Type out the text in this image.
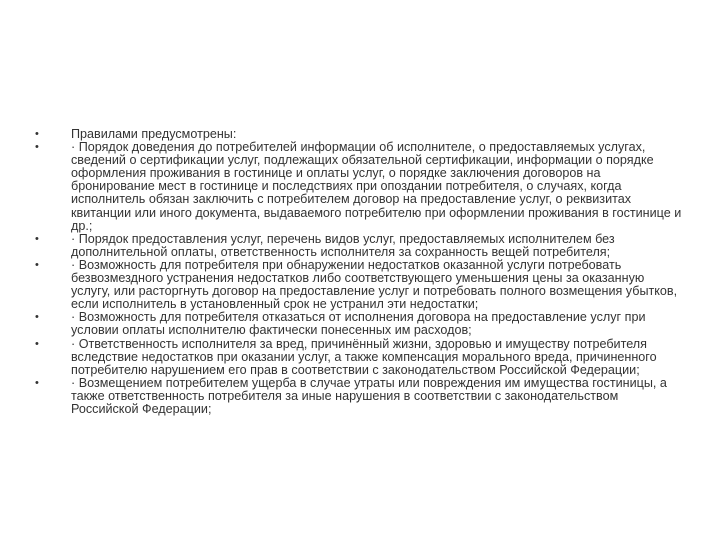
•	Правилами предусмотрены:
•	· Порядок доведения до потребителей информации об исполнителе, о предоставляемых услугах, сведений о сертификации услуг, подлежащих обязательной сертификации, информации о порядке оформления проживания в гостинице и оплаты услуг, о порядке заключения договоров на бронирование мест в гостинице и последствиях при опоздании потребителя, о случаях, когда исполнитель обязан заключить с потребителем договор на предоставление услуг, о реквизитах квитанции или иного документа, выдаваемого потребителю при оформлении проживания в гостинице и др.;
•	· Порядок предоставления услуг, перечень видов услуг, предоставляемых исполнителем без дополнительной оплаты, ответственность исполнителя за сохранность вещей потребителя;
•	· Возможность для потребителя при обнаружении недостатков оказанной услуги потребовать безвозмездного устранения недостатков либо соответствующего уменьшения цены за оказанную услугу, или расторгнуть договор на предоставление услуг и потребовать полного возмещения убытков, если исполнитель в установленный срок не устранил эти недостатки;
•	· Возможность для потребителя отказаться от исполнения договора на предоставление услуг при условии оплаты исполнителю фактически понесенных им расходов;
•	· Ответственность исполнителя за вред, причинённый жизни, здоровью и имуществу потребителя вследствие недостатков при оказании услуг, а также компенсация морального вреда, причиненного потребителю нарушением его прав в соответствии с законодательством Российской Федерации;
•	· Возмещением потребителем ущерба в случае утраты или повреждения им имущества гостиницы, а также ответственность потребителя за иные нарушения в соответствии с законодательством Российской Федерации;
